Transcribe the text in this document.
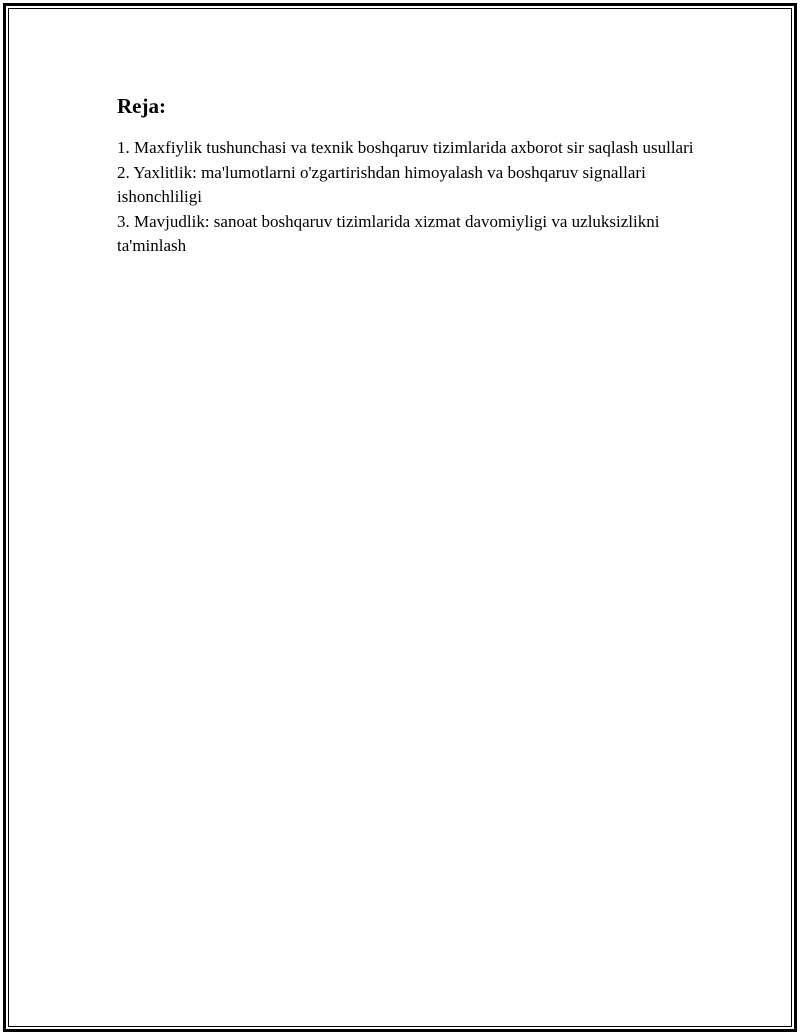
Reja:
1. Maxfiylik tushunchasi va texnik boshqaruv tizimlarida axborot sir saqlash usullari
2. Yaxlitlik: ma'lumotlarni o'zgartirishdan himoyalash va boshqaruv signallari ishonchliligi
3. Mavjudlik: sanoat boshqaruv tizimlarida xizmat davomiyligi va uzluksizlikni ta'minlash
